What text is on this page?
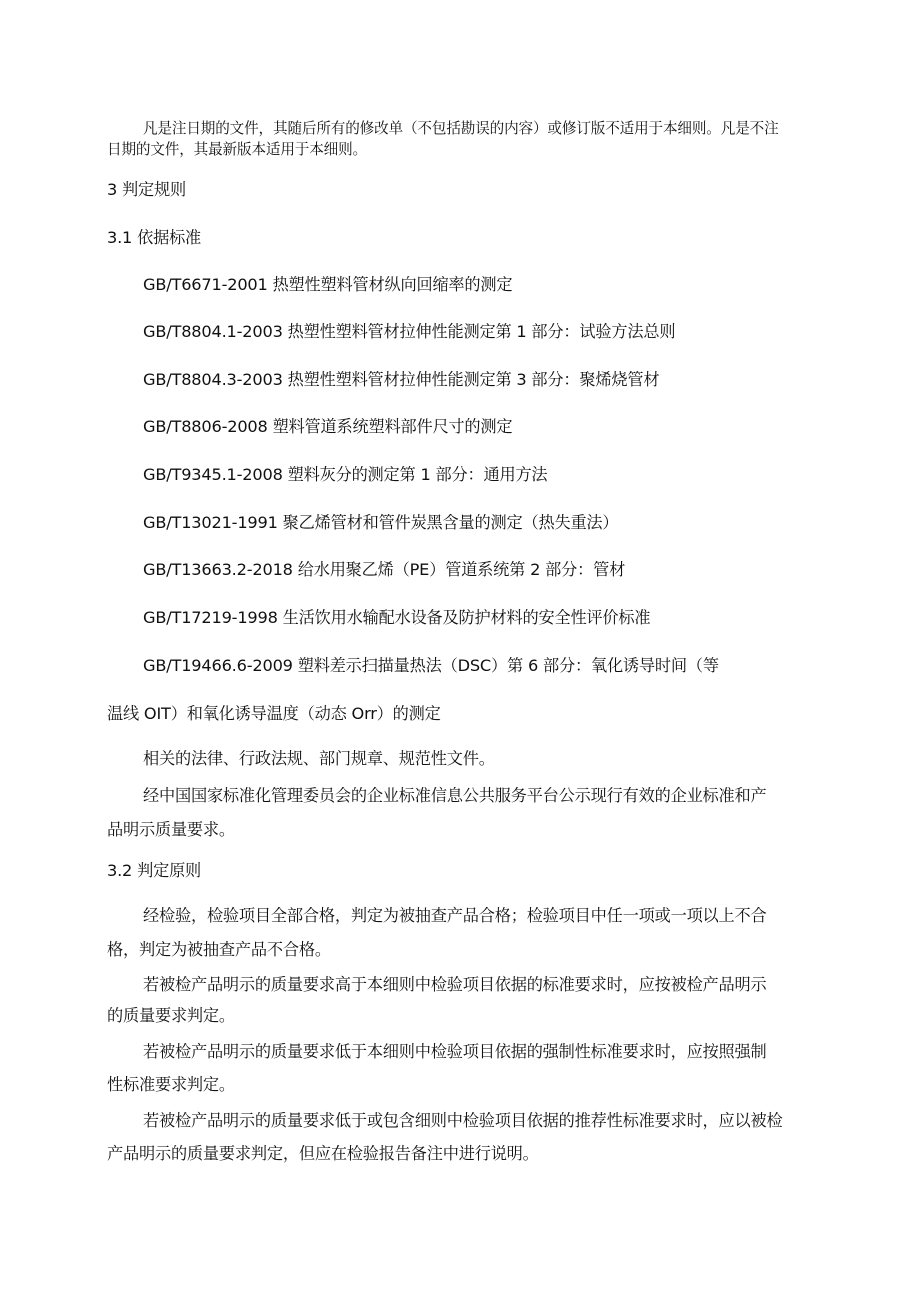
凡是注日期的文件，其随后所有的修改单（不包括勘误的内容）或修订版不适用于本细则。凡是不注
日期的文件，其最新版本适用于本细则。
3 判定规则
3.1 依据标准
GB/T6671-2001 热塑性塑料管材纵向回缩率的测定
GB/T8804.1-2003 热塑性塑料管材拉伸性能测定第 1 部分：试验方法总则
GB/T8804.3-2003 热塑性塑料管材拉伸性能测定第 3 部分：聚烯烧管材
GB/T8806-2008 塑料管道系统塑料部件尺寸的测定
GB/T9345.1-2008 塑料灰分的测定第 1 部分：通用方法
GB/T13021-1991 聚乙烯管材和管件炭黑含量的测定（热失重法）
GB/T13663.2-2018 给水用聚乙烯（PE）管道系统第 2 部分：管材
GB/T17219-1998 生活饮用水输配水设备及防护材料的安全性评价标准
GB/T19466.6-2009 塑料差示扫描量热法（DSC）第 6 部分：氧化诱导时间（等
温线 OIT）和氧化诱导温度（动态 Orr）的测定
相关的法律、行政法规、部门规章、规范性文件。
经中国国家标准化管理委员会的企业标准信息公共服务平台公示现行有效的企业标准和产
品明示质量要求。
3.2 判定原则
经检验，检验项目全部合格，判定为被抽查产品合格；检验项目中任一项或一项以上不合
格，判定为被抽查产品不合格。
若被检产品明示的质量要求高于本细则中检验项目依据的标准要求时，应按被检产品明示
的质量要求判定。
若被检产品明示的质量要求低于本细则中检验项目依据的强制性标准要求时，应按照强制
性标准要求判定。
若被检产品明示的质量要求低于或包含细则中检验项目依据的推荐性标准要求时，应以被检
产品明示的质量要求判定，但应在检验报告备注中进行说明。
